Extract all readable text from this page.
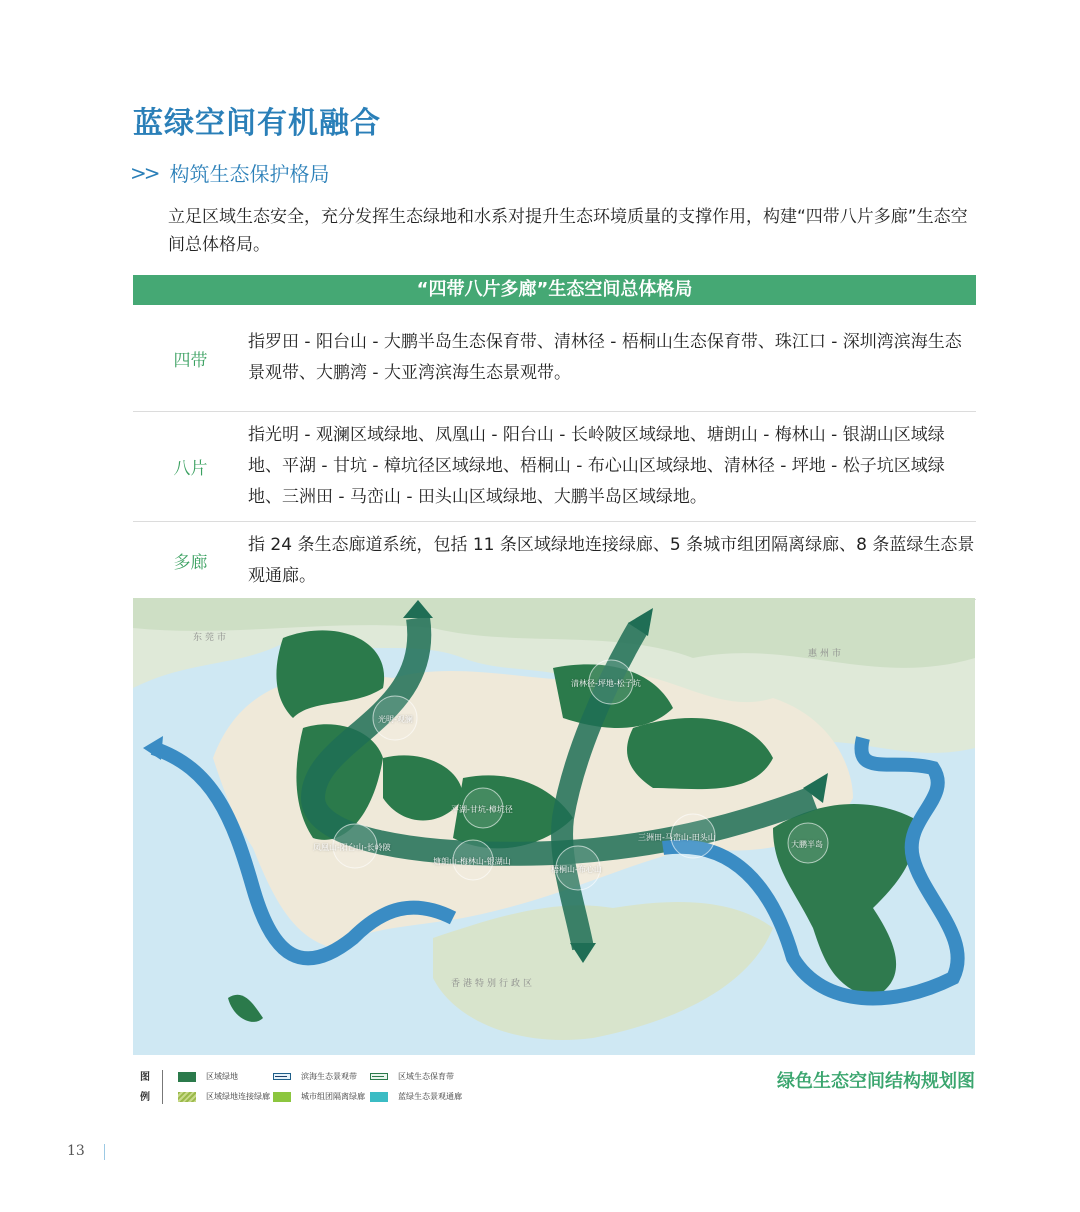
蓝绿空间有机融合
>> 构筑生态保护格局

立足区域生态安全，充分发挥生态绿地和水系对提升生态环境质量的支撑作用，构建“四带八片多廊”生态空间总体格局。

“四带八片多廊”生态空间总体格局
四带
指罗田 - 阳台山 - 大鹏半岛生态保育带、清林径 - 梧桐山生态保育带、珠江口 - 深圳湾滨海生态景观带、大鹏湾 - 大亚湾滨海生态景观带。
八片
指光明 - 观澜区域绿地、凤凰山 - 阳台山 - 长岭陂区域绿地、塘朗山 - 梅林山 - 银湖山区域绿地、平湖 - 甘坑 - 樟坑径区域绿地、梧桐山 - 布心山区域绿地、清林径 - 坪地 - 松子坑区域绿地、三洲田 - 马峦山 - 田头山区域绿地、大鹏半岛区域绿地。
多廊
指 24 条生态廊道系统，包括 11 条区域绿地连接绿廊、5 条城市组团隔离绿廊、8 条蓝绿生态景观通廊。
东莞市
惠州市
香港特别行政区
光明-观澜
清林径-坪地-松子坑
平湖-甘坑-樟坑径
凤凰山-阳台山-长岭陂
塘朗山-梅林山-银湖山
梧桐山-布心山
三洲田-马峦山-田头山
大鹏半岛
图
例
区域绿地	滨海生态景观带	区域生态保育带
区域绿地连接绿廊	城市组团隔离绿廊	蓝绿生态景观通廊
绿色生态空间结构规划图
13
